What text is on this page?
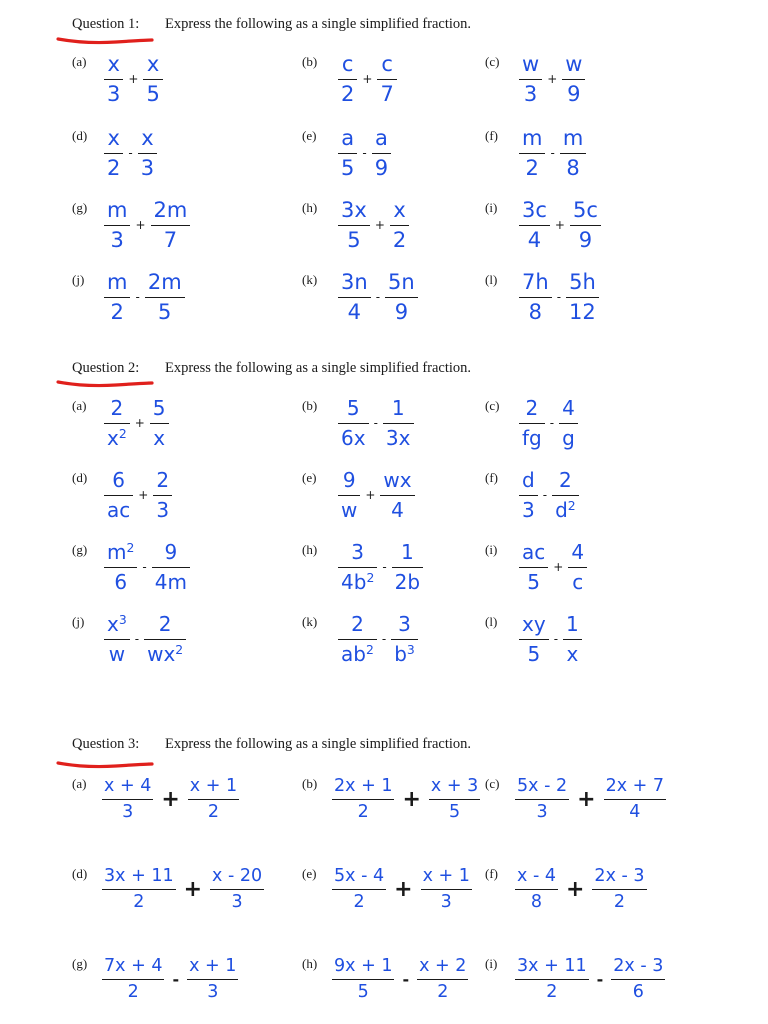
Question 1: Express the following as a single simplified fraction.
$(a) \frac{x}{3} + \frac{x}{5}$	$(b) \frac{c}{2} + \frac{c}{7}$	$(c) \frac{w}{3} + \frac{w}{9}$
$(d) \frac{x}{2} - \frac{x}{3}$	$(e) \frac{a}{5} - \frac{a}{9}$	$(f) \frac{m}{2} - \frac{m}{8}$
$(g) \frac{m}{3} + \frac{2m}{7}$	$(h) \frac{3x}{5} + \frac{x}{2}$	$(i) \frac{3c}{4} + \frac{5c}{9}$
$(j) \frac{m}{2} - \frac{2m}{5}$	$(k) \frac{3n}{4} - \frac{5n}{9}$	$(l) \frac{7h}{8} - \frac{5h}{12}$
Question 2: Express the following as a single simplified fraction.
$(a) \frac{2}{x^2} + \frac{5}{x}$	$(b) \frac{5}{6x} - \frac{1}{3x}$	$(c) \frac{2}{fg} - \frac{4}{g}$
$(d) \frac{6}{ac} + \frac{2}{3}$	$(e) \frac{9}{w} + \frac{wx}{4}$	$(f) \frac{d}{3} - \frac{2}{d^2}$
$(g) \frac{m^2}{6} - \frac{9}{4m}$	$(h) \frac{3}{4b^2} - \frac{1}{2b}$	$(i) \frac{ac}{5} + \frac{4}{c}$
$(j) \frac{x^3}{w} - \frac{2}{wx^2}$	$(k) \frac{2}{ab^2} - \frac{3}{b^3}$	$(l) \frac{xy}{5} - \frac{1}{x}$
Question 3: Express the following as a single simplified fraction.
$(a) \frac{x + 4}{3} + \frac{x + 1}{2}$	$(b) \frac{2x + 1}{2} + \frac{x + 3}{5} (c) \frac{5x - 2}{3} + \frac{2x + 7}{4}$
$(d) \frac{3x + 11}{2} + \frac{x - 20}{3}$	$(e) \frac{5x - 4}{2} + \frac{x + 1}{3} (f) \frac{x - 4}{8} + \frac{2x - 3}{2}$
$(g) \frac{7x + 4}{2} - \frac{x + 1}{3}$	$(h) \frac{9x + 1}{5} - \frac{x + 2}{2} (i) \frac{3x + 11}{2} - \frac{2x - 3}{6}$
